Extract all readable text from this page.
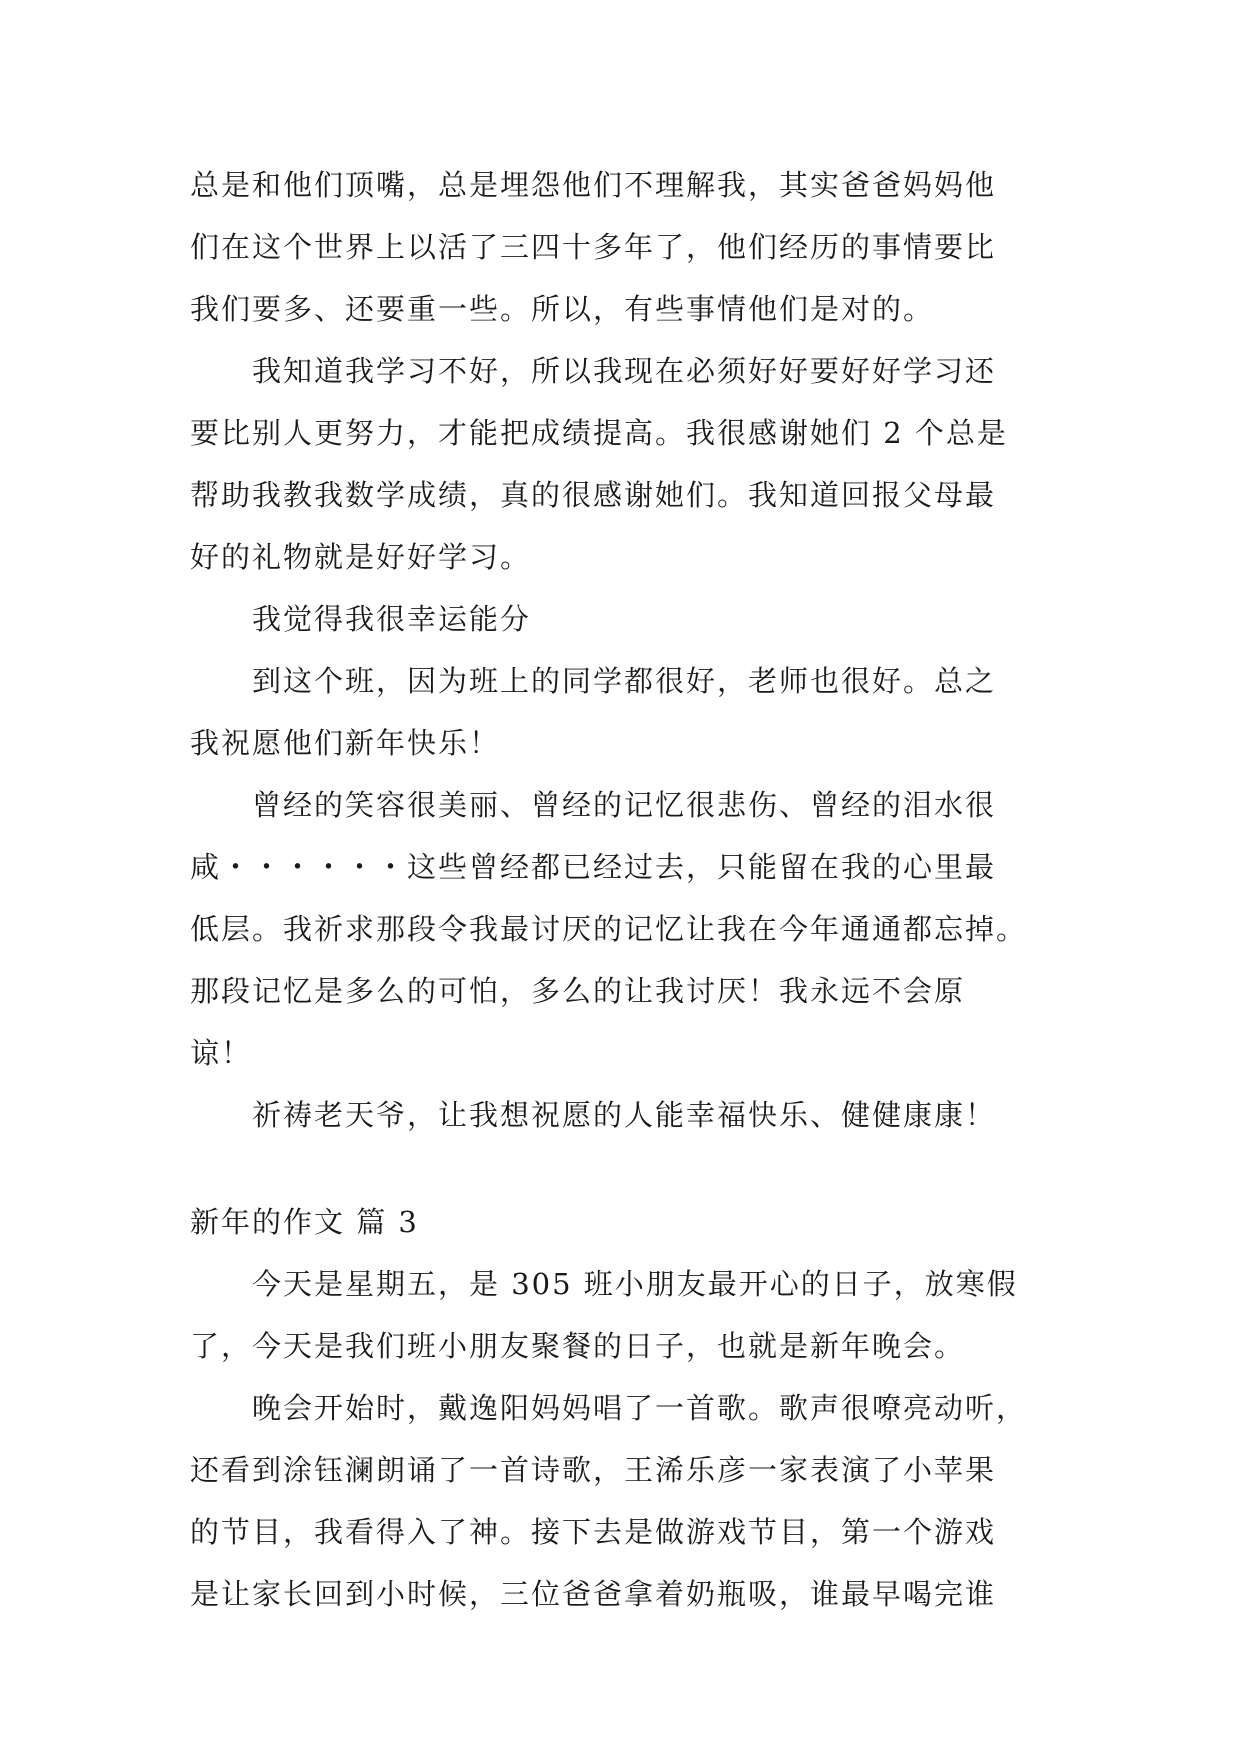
总是和他们顶嘴，总是埋怨他们不理解我，其实爸爸妈妈他
们在这个世界上以活了三四十多年了，他们经历的事情要比
我们要多、还要重一些。所以，有些事情他们是对的。
我知道我学习不好，所以我现在必须好好要好好学习还
要比别人更努力，才能把成绩提高。我很感谢她们 2 个总是
帮助我教我数学成绩，真的很感谢她们。我知道回报父母最
好的礼物就是好好学习。
我觉得我很幸运能分
到这个班，因为班上的同学都很好，老师也很好。总之
我祝愿他们新年快乐！
曾经的笑容很美丽、曾经的记忆很悲伤、曾经的泪水很
咸・・・・・・这些曾经都已经过去，只能留在我的心里最
低层。我祈求那段令我最讨厌的记忆让我在今年通通都忘掉。
那段记忆是多么的可怕，多么的让我讨厌！我永远不会原
谅！
祈祷老天爷，让我想祝愿的人能幸福快乐、健健康康！
新年的作文 篇 3
今天是星期五，是 305 班小朋友最开心的日子，放寒假
了，今天是我们班小朋友聚餐的日子，也就是新年晚会。
晚会开始时，戴逸阳妈妈唱了一首歌。歌声很嘹亮动听，
还看到涂钰澜朗诵了一首诗歌，王浠乐彦一家表演了小苹果
的节目，我看得入了神。接下去是做游戏节目，第一个游戏
是让家长回到小时候，三位爸爸拿着奶瓶吸，谁最早喝完谁
